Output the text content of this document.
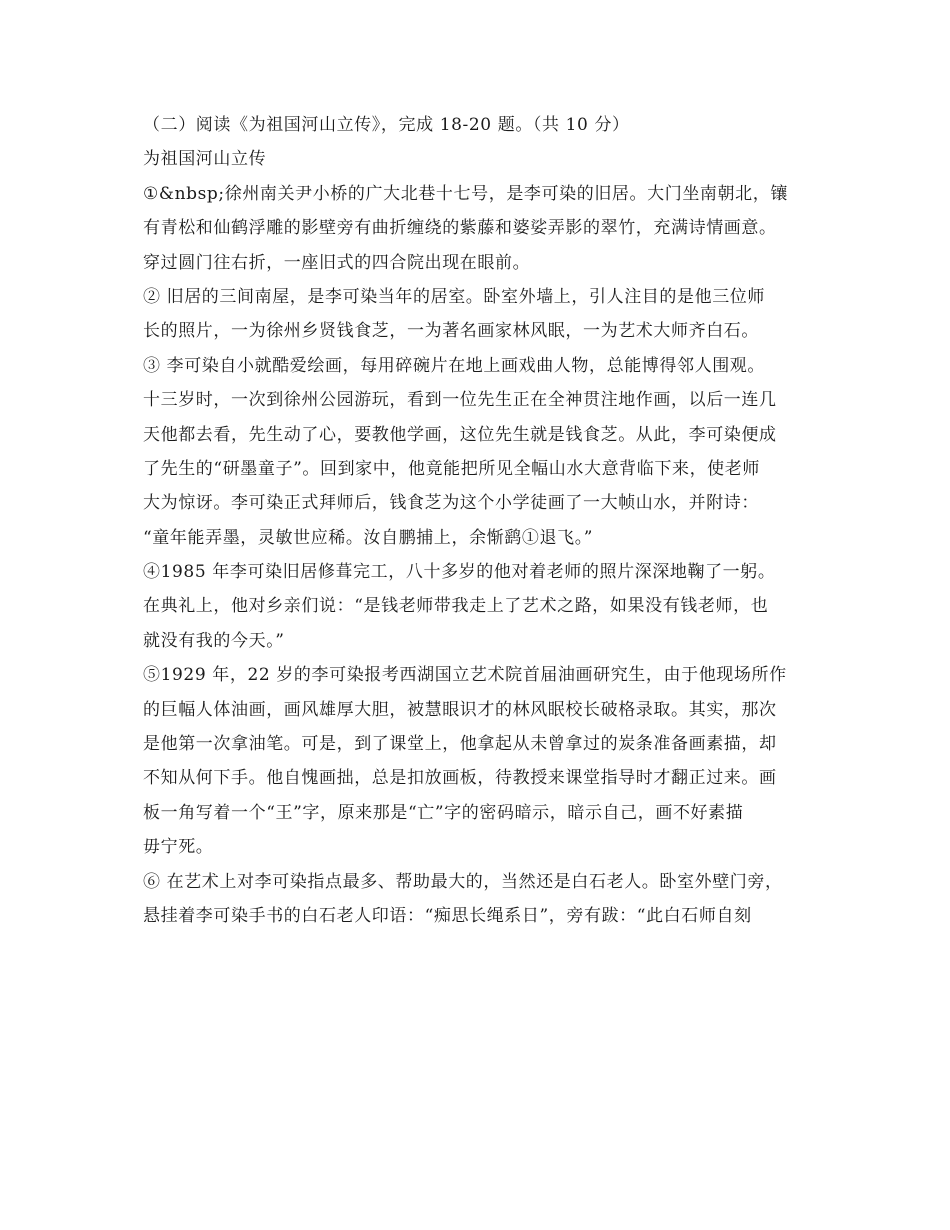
（二）阅读《为祖国河山立传》，完成 18-20 题。（共 10 分）
为祖国河山立传
①&nbsp;徐州南关尹小桥的广大北巷十七号，是李可染的旧居。大门坐南朝北，镶
有青松和仙鹤浮雕的影壁旁有曲折缠绕的紫藤和婆娑弄影的翠竹，充满诗情画意。
穿过圆门往右折，一座旧式的四合院出现在眼前。
② 旧居的三间南屋，是李可染当年的居室。卧室外墙上，引人注目的是他三位师
长的照片，一为徐州乡贤钱食芝，一为著名画家林风眠，一为艺术大师齐白石。
③ 李可染自小就酷爱绘画，每用碎碗片在地上画戏曲人物，总能博得邻人围观。
十三岁时，一次到徐州公园游玩，看到一位先生正在全神贯注地作画，以后一连几
天他都去看，先生动了心，要教他学画，这位先生就是钱食芝。从此，李可染便成
了先生的“研墨童子”。回到家中，他竟能把所见全幅山水大意背临下来，使老师
大为惊讶。李可染正式拜师后，钱食芝为这个小学徒画了一大帧山水，并附诗：
“童年能弄墨，灵敏世应稀。汝自鹏捕上，余惭鹞①退飞。”
④1985 年李可染旧居修葺完工，八十多岁的他对着老师的照片深深地鞠了一躬。
在典礼上，他对乡亲们说：“是钱老师带我走上了艺术之路，如果没有钱老师，也
就没有我的今天。”
⑤1929 年，22 岁的李可染报考西湖国立艺术院首届油画研究生，由于他现场所作
的巨幅人体油画，画风雄厚大胆，被慧眼识才的林风眠校长破格录取。其实，那次
是他第一次拿油笔。可是，到了课堂上，他拿起从未曾拿过的炭条准备画素描，却
不知从何下手。他自愧画拙，总是扣放画板，待教授来课堂指导时才翻正过来。画
板一角写着一个“王”字，原来那是“亡”字的密码暗示，暗示自己，画不好素描
毋宁死。
⑥ 在艺术上对李可染指点最多、帮助最大的，当然还是白石老人。卧室外壁门旁，
悬挂着李可染手书的白石老人印语：“痴思长绳系日”，旁有跋：“此白石师自刻
